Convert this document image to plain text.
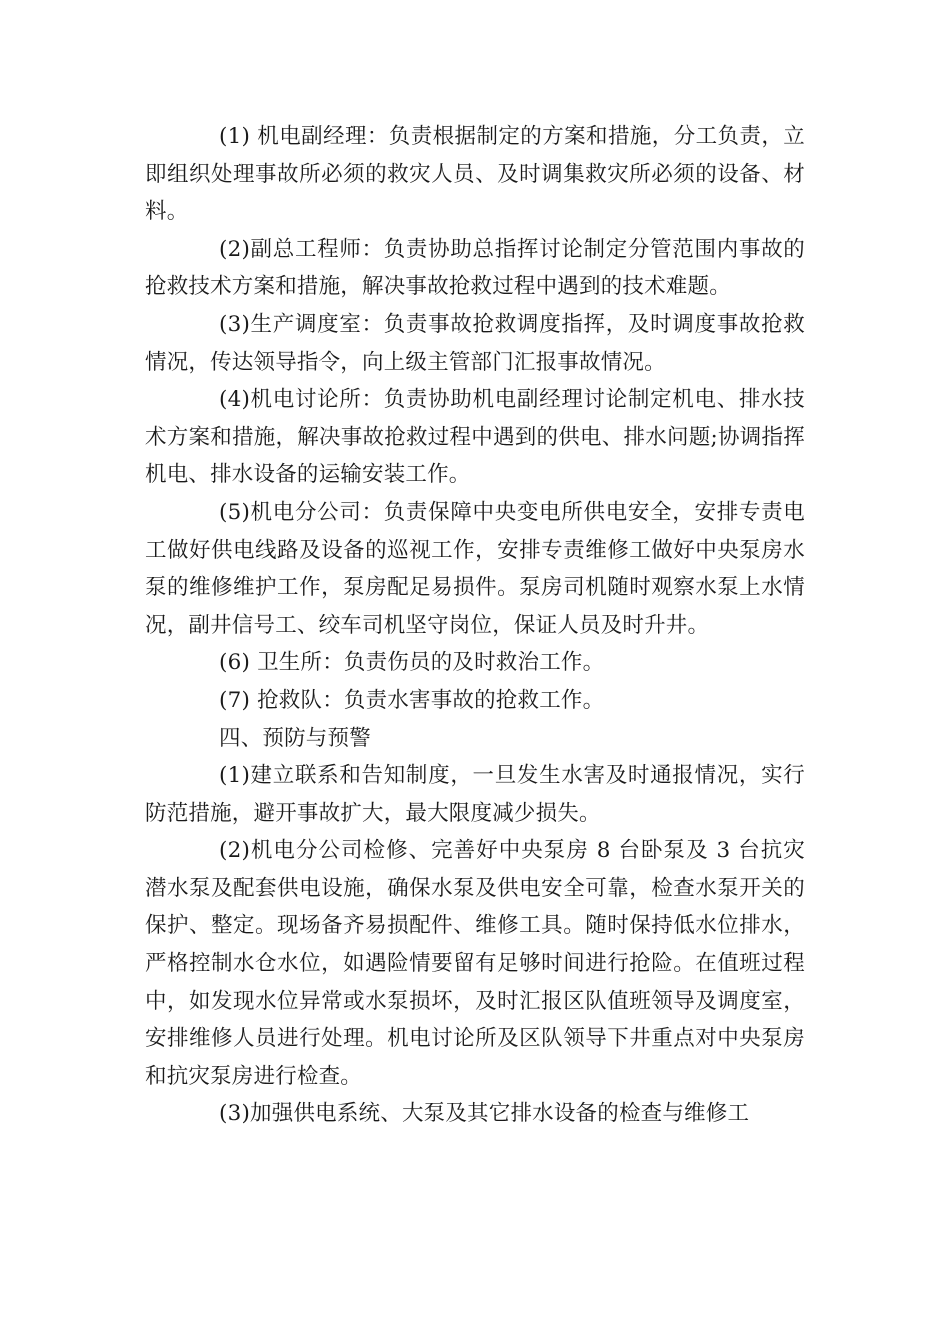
(1) 机电副经理：负责根据制定的方案和措施，分工负责，立即组织处理事故所必须的救灾人员、及时调集救灾所必须的设备、材料。

(2)副总工程师：负责协助总指挥讨论制定分管范围内事故的抢救技术方案和措施，解决事故抢救过程中遇到的技术难题。

(3)生产调度室：负责事故抢救调度指挥，及时调度事故抢救情况，传达领导指令，向上级主管部门汇报事故情况。

(4)机电讨论所：负责协助机电副经理讨论制定机电、排水技术方案和措施，解决事故抢救过程中遇到的供电、排水问题;协调指挥机电、排水设备的运输安装工作。

(5)机电分公司：负责保障中央变电所供电安全，安排专责电工做好供电线路及设备的巡视工作，安排专责维修工做好中央泵房水泵的维修维护工作，泵房配足易损件。泵房司机随时观察水泵上水情况，副井信号工、绞车司机坚守岗位，保证人员及时升井。

(6) 卫生所：负责伤员的及时救治工作。

(7) 抢救队：负责水害事故的抢救工作。

四、预防与预警

(1)建立联系和告知制度，一旦发生水害及时通报情况，实行防范措施，避开事故扩大，最大限度减少损失。

(2)机电分公司检修、完善好中央泵房 8 台卧泵及 3 台抗灾潜水泵及配套供电设施，确保水泵及供电安全可靠，检查水泵开关的保护、整定。现场备齐易损配件、维修工具。随时保持低水位排水，严格控制水仓水位，如遇险情要留有足够时间进行抢险。在值班过程中，如发现水位异常或水泵损坏，及时汇报区队值班领导及调度室，安排维修人员进行处理。机电讨论所及区队领导下井重点对中央泵房和抗灾泵房进行检查。

(3)加强供电系统、大泵及其它排水设备的检查与维修工
